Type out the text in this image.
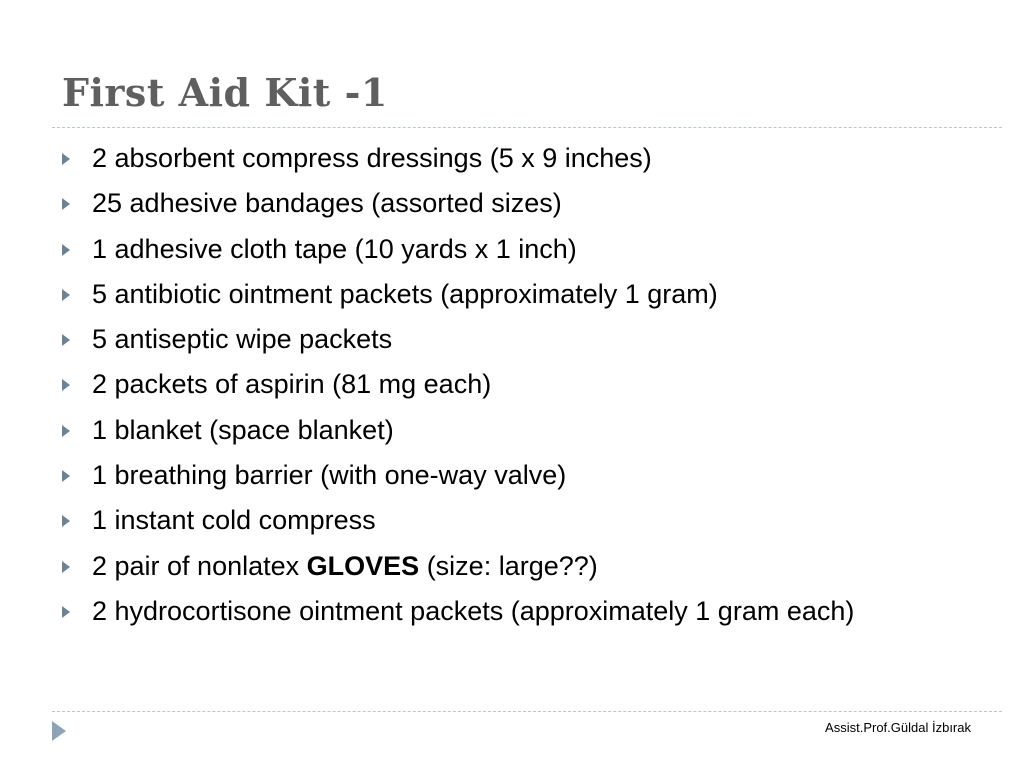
First Aid Kit -1
2 absorbent compress dressings (5 x 9 inches)
25 adhesive bandages (assorted sizes)
1 adhesive cloth tape (10 yards x 1 inch)
5 antibiotic ointment packets (approximately 1 gram)
5 antiseptic wipe packets
2 packets of aspirin (81 mg each)
1 blanket (space blanket)
1 breathing barrier (with one-way valve)
1 instant cold compress
2 pair of nonlatex GLOVES (size: large??)
2 hydrocortisone ointment packets (approximately 1 gram each)
Assist.Prof.Güldal İzbırak
